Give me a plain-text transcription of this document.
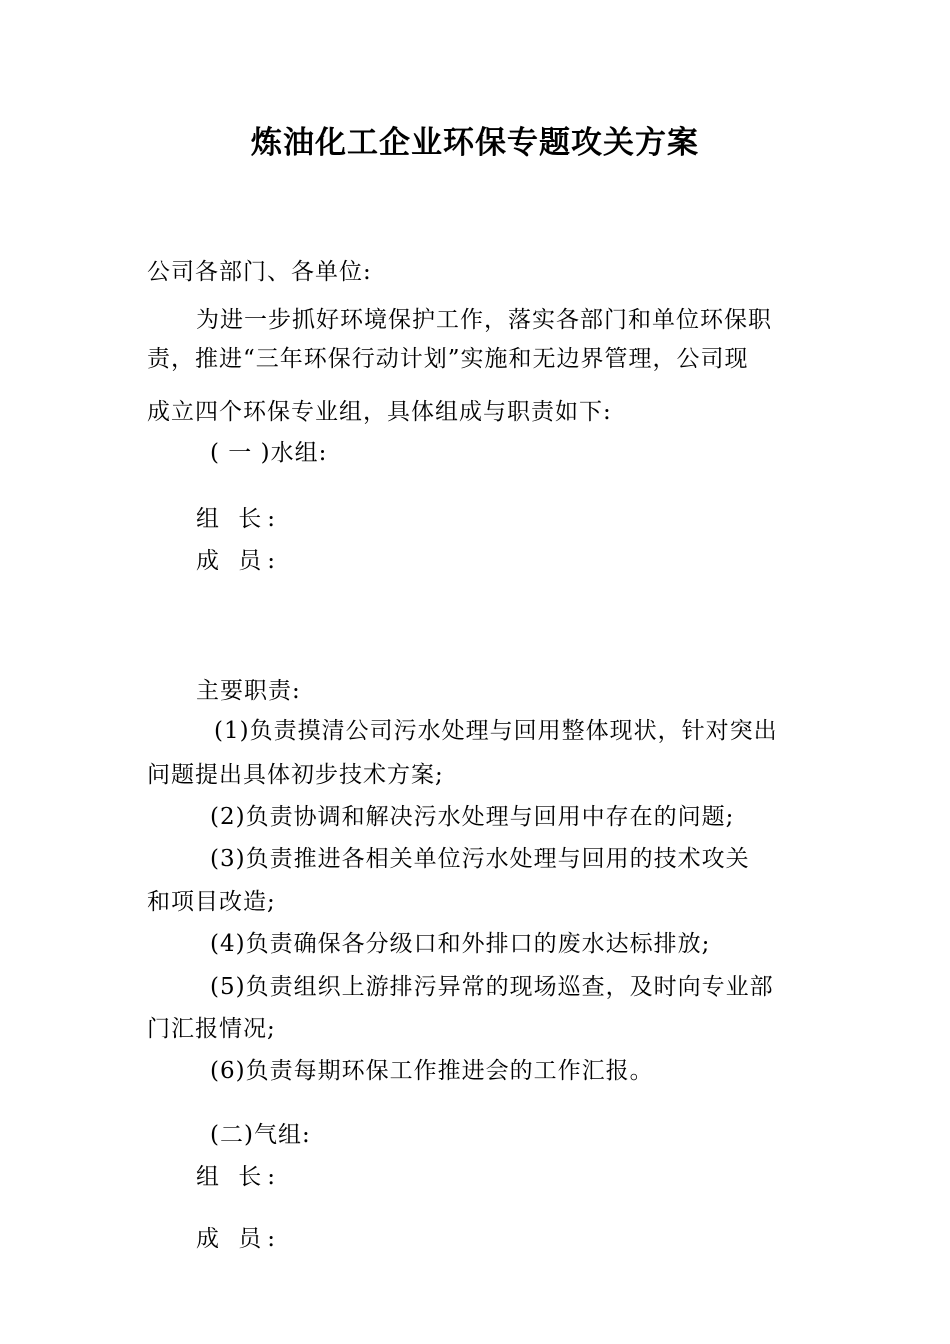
炼油化工企业环保专题攻关方案
公司各部门、各单位:
为进一步抓好环境保护工作，落实各部门和单位环保职
责，推进“三年环保行动计划”实施和无边界管理，公司现
成立四个环保专业组，具体组成与职责如下:
( 一 )水组:
组 长:
成 员:
主要职责:
(1)负责摸清公司污水处理与回用整体现状，针对突出
问题提出具体初步技术方案;
(2)负责协调和解决污水处理与回用中存在的问题;
(3)负责推进各相关单位污水处理与回用的技术攻关
和项目改造;
(4)负责确保各分级口和外排口的废水达标排放;
(5)负责组织上游排污异常的现场巡查，及时向专业部
门汇报情况;
(6)负责每期环保工作推进会的工作汇报。
(二)气组:
组 长:
成 员:
